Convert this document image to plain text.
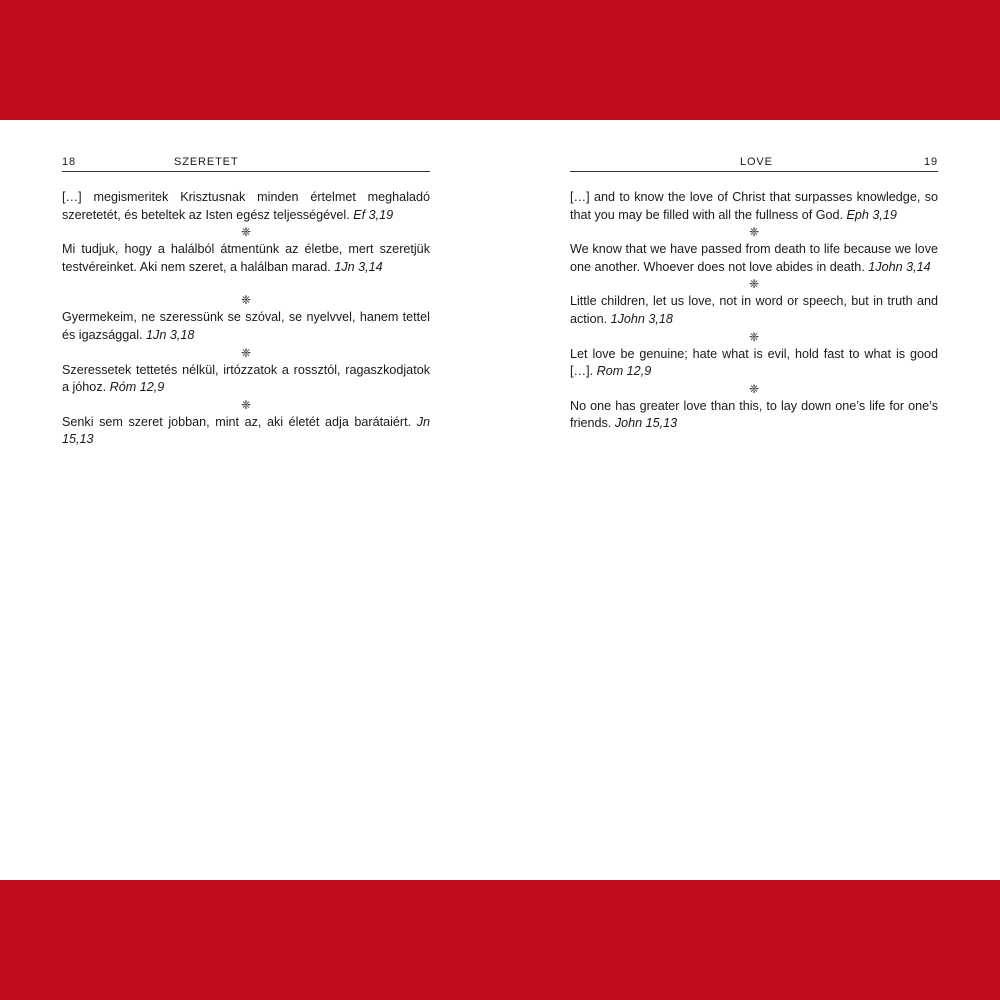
18	SZERETET

[…] megismeritek Krisztusnak minden értelmet meghaladó szeretetét, és beteltek az Isten egész teljességével. Ef 3,19

❈

Mi tudjuk, hogy a halálból átmentünk az életbe, mert szeretjük testvéreinket. Aki nem szeret, a halálban marad. 1Jn 3,14

❈

Gyermekeim, ne szeressünk se szóval, se nyelvvel, hanem tettel és igazsággal. 1Jn 3,18

❈

Szeressetek tettetés nélkül, irtózzatok a rossztól, ragaszkodjatok a jóhoz. Róm 12,9

❈

Senki sem szeret jobban, mint az, aki életét adja barátaiért. Jn 15,13

LOVE	19

[…] and to know the love of Christ that surpasses knowledge, so that you may be filled with all the fullness of God. Eph 3,19

❈

We know that we have passed from death to life because we love one another. Whoever does not love abides in death. 1John 3,14

❈

Little children, let us love, not in word or speech, but in truth and action. 1John 3,18

❈

Let love be genuine; hate what is evil, hold fast to what is good […]. Rom 12,9

❈

No one has greater love than this, to lay down one’s life for one’s friends. John 15,13
